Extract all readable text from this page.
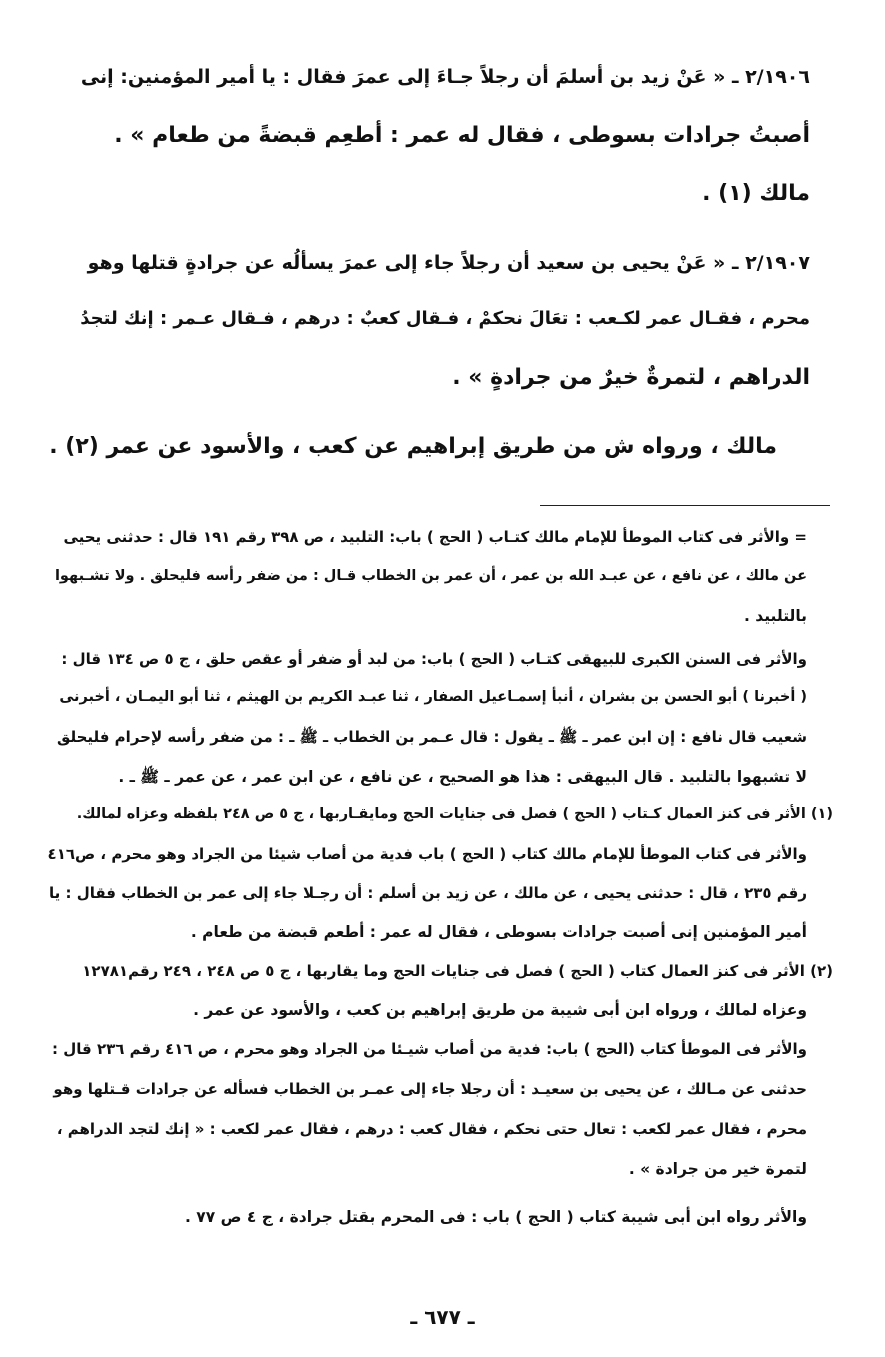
٢/١٩٠٦ ـ « عَنْ زيد بن أسلمَ أن رجلاً جـاءَ إلى عمرَ فقال : يا أمير المؤمنين: إنى
أصبتُ جرادات بسوطى ، فقال له عمر : أطعِم قبضةً من طعام » .
مالك (١) .
٢/١٩٠٧ ـ « عَنْ يحيى بن سعيد أن رجلاً جاء إلى عمرَ يسألُه عن جرادةٍ قتلها وهو
محرم ، فقـال عمر لكـعب : تعَالَ نحكمْ ، فـقال كعبٌ : درهم ، فـقال عـمر : إنك لتجدُ
الدراهم ، لتمرةٌ خيرٌ من جرادةٍ » .
مالك ، ورواه ش من طريق إبراهيم عن كعب ، والأسود عن عمر (٢) .
= والأثر فى كتاب الموطأ للإمام مالك كتـاب ( الحج ) باب: التلبيد ، ص ٣٩٨ رقم ١٩١ قال : حدثنى يحيى
عن مالك ، عن نافع ، عن عبـد الله بن عمر ، أن عمر بن الخطاب قـال : من ضفر رأسه فليحلق . ولا تشـبهوا
بالتلبيد .
والأثر فى السنن الكبرى للبيهقى كتـاب ( الحج ) باب: من لبد أو ضفر أو عقص حلق ، ج ٥ ص ١٣٤ قال :
( أخبرنا ) أبو الحسن بن بشران ، أنبأ إسمـاعيل الصفار ، ثنا عبـد الكريم بن الهيثم ، ثنا أبو اليمـان ، أخبرنى
شعيب قال نافع : إن ابن عمر ـ ﷺ ـ يقول : قال عـمر بن الخطاب ـ ﷺ ـ : من ضفر رأسه لإحرام فليحلق
لا تشبهوا بالتلبيد . قال البيهقى : هذا هو الصحيح ، عن نافع ، عن ابن عمر ، عن عمر ـ ﷺ ـ .
(١) الأثر فى كنز العمال كـتاب ( الحج ) فصل فى جنايات الحج ومايقـاربها ، ج ٥ ص ٢٤٨ بلفظه وعزاه لمالك.
والأثر فى كتاب الموطأ للإمام مالك كتاب ( الحج ) باب فدية من أصاب شيئا من الجراد وهو محرم ، ص٤١٦
رقم ٢٣٥ ، قال : حدثنى يحيى ، عن مالك ، عن زيد بن أسلم : أن رجـلا جاء إلى عمر بن الخطاب فقال : يا
أمير المؤمنين إنى أصبت جرادات بسوطى ، فقال له عمر : أطعم قبضة من طعام .
(٢) الأثر فى كنز العمال كتاب ( الحج ) فصل فى جنايات الحج وما يقاربها ، ج ٥ ص ٢٤٨ ، ٢٤٩ رقم١٢٧٨١
وعزاه لمالك ، ورواه ابن أبى شيبة من طريق إبراهيم بن كعب ، والأسود عن عمر .
والأثر فى الموطأ كتاب (الحج ) باب: فدية من أصاب شيـئا من الجراد وهو محرم ، ص ٤١٦ رقم ٢٣٦ قال :
حدثنى عن مـالك ، عن يحيى بن سعيـد : أن رجلا جاء إلى عمـر بن الخطاب فسأله عن جرادات قـتلها وهو
محرم ، فقال عمر لكعب : تعال حتى نحكم ، فقال كعب : درهم ، فقال عمر لكعب : « إنك لتجد الدراهم ،
لتمرة خير من جرادة » .
والأثر رواه ابن أبى شيبة كتاب ( الحج ) باب : فى المحرم بقتل جرادة ، ج ٤ ص ٧٧ .
ـ ٦٧٧ ـ
